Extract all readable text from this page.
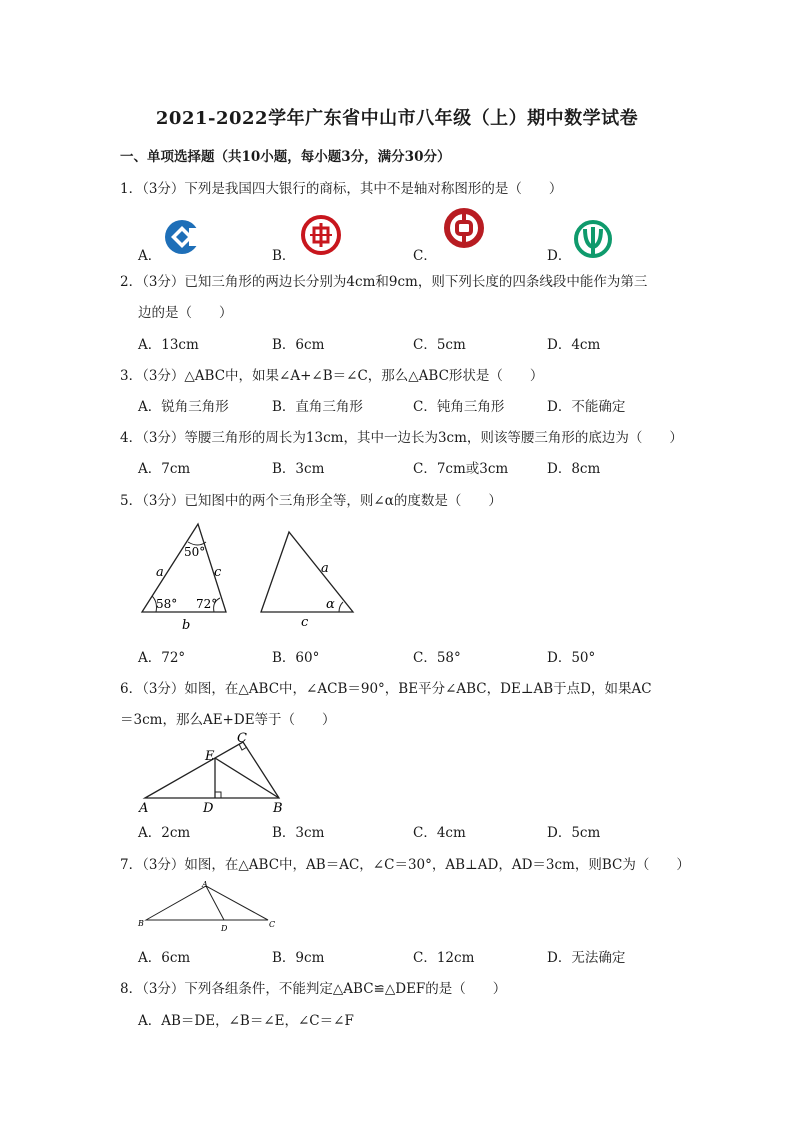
2021-2022学年广东省中山市八年级（上）期中数学试卷
一、单项选择题（共10小题，每小题3分，满分30分）
1．（3分）下列是我国四大银行的商标，其中不是轴对称图形的是（　　）
A．	B．	C．	D．
2．（3分）已知三角形的两边长分别为4cm和9cm，则下列长度的四条线段中能作为第三
边的是（　　）
A．13cm	B．6cm	C．5cm	D．4cm
3．（3分）△ABC中，如果∠A+∠B＝∠C，那么△ABC形状是（　　）
A．锐角三角形	B．直角三角形	C．钝角三角形	D．不能确定
4．（3分）等腰三角形的周长为13cm，其中一边长为3cm，则该等腰三角形的底边为（　　）
A．7cm	B．3cm	C．7cm或3cm	D．8cm
5．（3分）已知图中的两个三角形全等，则∠α的度数是（　　）
50°
58° 72°
a	c
b
a
α
c
A．72°	B．60°	C．58°	D．50°
6．（3分）如图，在△ABC中，∠ACB＝90°，BE平分∠ABC，DE⊥AB于点D，如果AC
＝3cm，那么AE+DE等于（　　）
A
E
C
D	B
A．2cm	B．3cm	C．4cm	D．5cm
7．（3分）如图，在△ABC中，AB＝AC，∠C＝30°，AB⊥AD，AD＝3cm，则BC为（　　）
A
B
D	C
A．6cm	B．9cm	C．12cm	D．无法确定
8．（3分）下列各组条件，不能判定△ABC≌△DEF的是（　　）
A．AB＝DE，∠B＝∠E，∠C＝∠F
